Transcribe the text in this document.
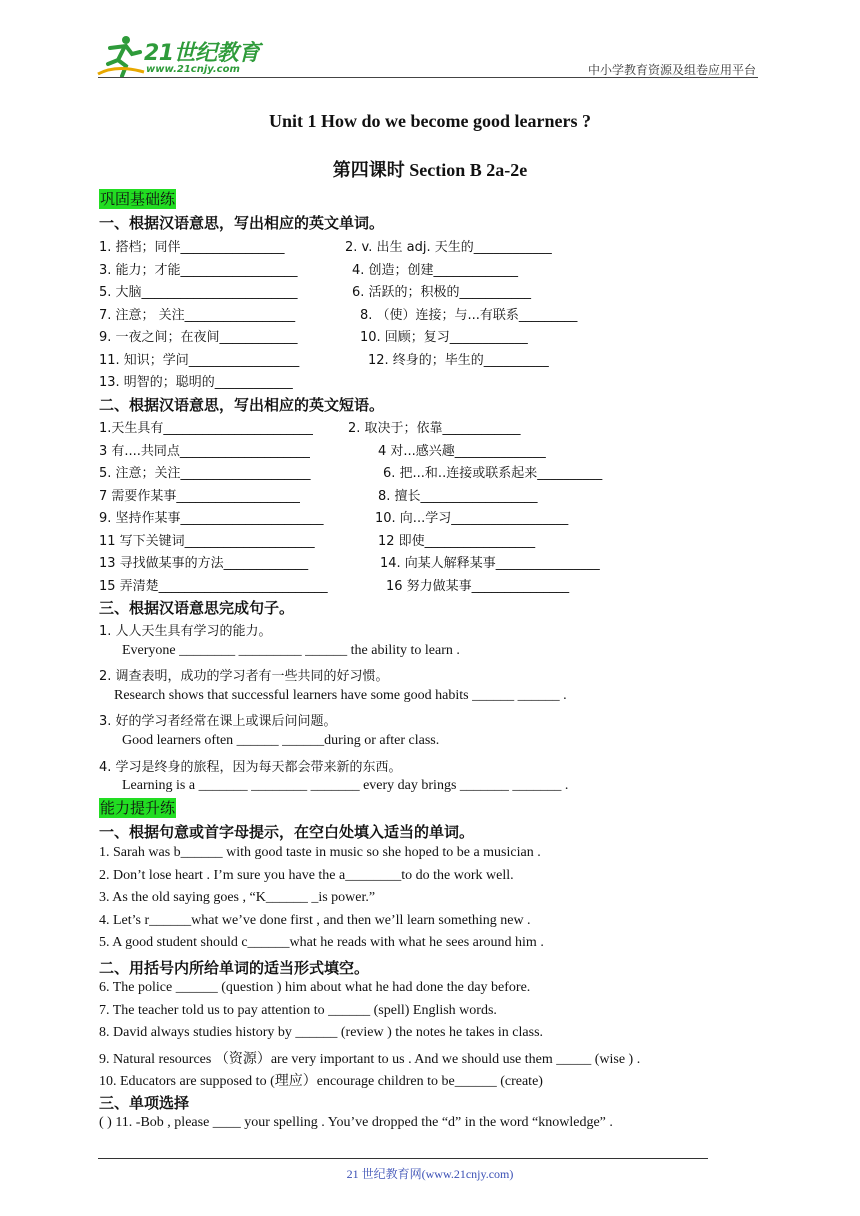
21世纪教育
www.21cnjy.com	中小学教育资源及组卷应用平台
Unit 1 How do we become good learners ?
第四课时 Section B 2a-2e
巩固基础练
一、根据汉语意思，写出相应的英文单词。
1. 搭档；同伴________________	2. v. 出生 adj. 天生的____________
3. 能力；才能__________________	4. 创造；创建_____________
5. 大脑________________________	6. 活跃的；积极的___________
7. 注意； 关注_________________	8. （使）连接；与...有联系_________
9. 一夜之间；在夜间____________	10. 回顾；复习____________
11. 知识；学问_________________	12. 终身的；毕生的__________
13. 明智的；聪明的____________
二、根据汉语意思，写出相应的英文短语。
1.天生具有_______________________	2. 取决于；依靠____________
3 有....共同点____________________	4 对...感兴趣______________
5. 注意；关注____________________	6. 把...和..连接或联系起来__________
7 需要作某事___________________	8. 擅长__________________
9. 坚持作某事______________________	10. 向...学习__________________
11 写下关键词____________________	12 即使_________________
13 寻找做某事的方法_____________	14. 向某人解释某事________________
15 弄清楚__________________________	16 努力做某事_______________
三、根据汉语意思完成句子。
1. 人人天生具有学习的能力。
Everyone ________ _________ ______ the ability to learn .
2. 调查表明，成功的学习者有一些共同的好习惯。
Research shows that successful learners have some good habits ______ ______ .
3. 好的学习者经常在课上或课后问问题。
Good learners often ______ ______during or after class.
4. 学习是终身的旅程，因为每天都会带来新的东西。
Learning is a _______ ________ _______ every day brings _______ _______ .
能力提升练
一、根据句意或首字母提示，在空白处填入适当的单词。
1. Sarah was b______ with good taste in music so she hoped to be a musician .
2. Don’t lose heart . I’m sure you have the a________to do the work well.
3. As the old saying goes , “K______ _is power.”
4. Let’s r______what we’ve done first , and then we’ll learn something new .
5. A good student should c______what he reads with what he sees around him .
二、用括号内所给单词的适当形式填空。
6. The police ______ (question ) him about what he had done the day before.
7. The teacher told us to pay attention to ______ (spell) English words.
8. David always studies history by ______ (review ) the notes he takes in class.
9. Natural resources （资源）are very important to us . And we should use them _____ (wise ) .
10. Educators are supposed to (理应）encourage children to be______ (create)
三、单项选择
( ) 11. -Bob , please ____ your spelling . You’ve dropped the “d” in the word “knowledge” .
21 世纪教育网(www.21cnjy.com)
